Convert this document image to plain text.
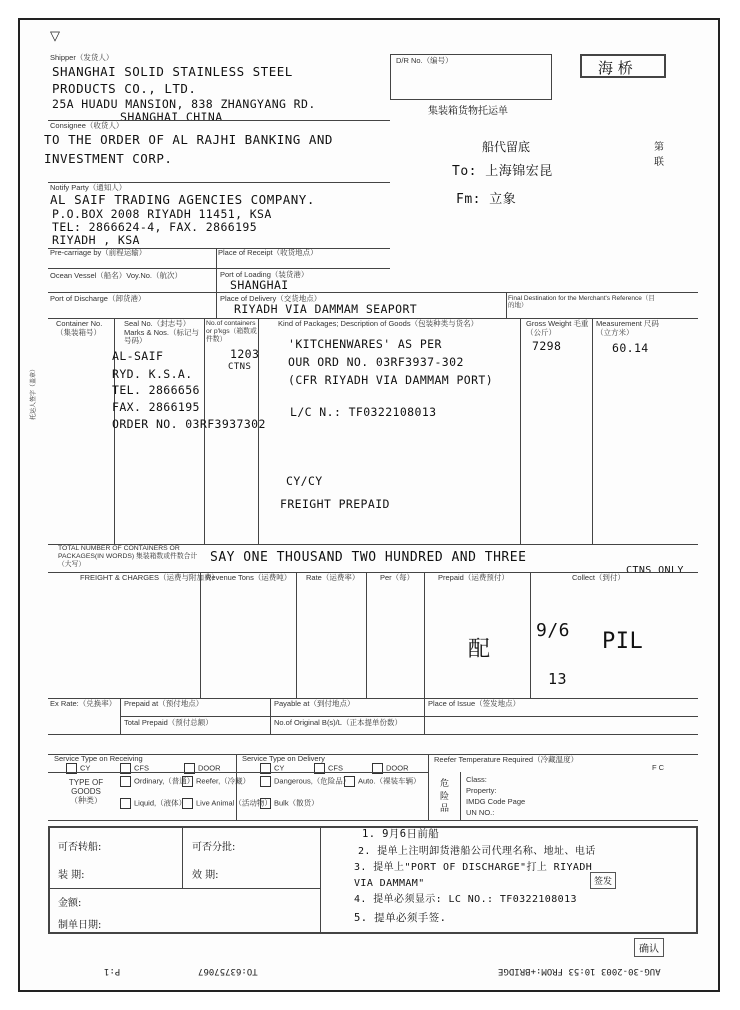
▽
Shipper（发货人）
SHANGHAI SOLID STAINLESS STEEL
PRODUCTS CO., LTD.
25A HUADU MANSION, 838 ZHANGYANG RD.
SHANGHAI CHINA
D/R No.（编号）	海 桥
集装箱货物托运单
船代留底
To: 上海锦宏昆
Fm: 立象
第 联
Consignee（收货人）
TO THE ORDER OF AL RAJHI BANKING AND
INVESTMENT CORP.
Notify Party（通知人）
AL SAIF TRADING AGENCIES COMPANY.
P.O.BOX 2008 RIYADH 11451, KSA
TEL: 2866624-4, FAX. 2866195
RIYADH , KSA
Pre-carriage by（前程运输）	Place of Receipt（收货地点）
Ocean Vessel（船名）Voy.No.（航次）	Port of Loading（装货港）
SHANGHAI
Port of Discharge（卸货港）	Place of Delivery（交货地点）
RIYADH VIA DAMMAM SEAPORT
Final Destination for the Merchant's Reference（目的地）
Container No.（集装箱号）
Seal No.（封志号）Marks & Nos.（标记与号码）
No.of containers or p'kgs（箱数或件数）
Kind of Packages; Description of Goods（包装种类与货名）	Gross Weight 毛重（公斤）
Measurement 尺码（立方米）
AL-SAIF
RYD. K.S.A.
TEL. 2866656
FAX. 2866195
ORDER NO. 03RF3937302
1203
CTNS
'KITCHENWARES' AS PER
OUR ORD NO. 03RF3937-302
(CFR RIYADH VIA DAMMAM PORT)
L/C N.: TF0322108013
CY/CY
FREIGHT PREPAID
7298	60.14
托运人签字（盖章）
TOTAL NUMBER OF CONTAINERS OR PACKAGES(IN WORDS) 集装箱数或件数合计（大写）	SAY ONE THOUSAND TWO HUNDRED AND THREE
CTNS ONLY
FREIGHT & CHARGES（运费与附加费）
Revenue Tons（运费吨） Rate（运费率）	Per（每）	Prepaid（运费预付）	Collect（到付）
配
9/6
13
PIL
Ex Rate:（兑换率） Prepaid at（预付地点）	Payable at（到付地点）	Place of Issue（签发地点）
Total Prepaid（预付总额）	No.of Original B(s)/L（正本提单份数）
Service Type on Receiving	Service Type on Delivery	Reefer Temperature Required（冷藏温度）
F C
CY	CFS	DOOR	CY	CFS	DOOR
TYPE OF GOODS（种类）
Ordinary,（普通） Reefer,（冷藏）	Dangerous,（危险品）	Auto.（裸装车辆）
Liquid,（液体）	Live Animal（活动物） Bulk（散货）
危险品
Class:
Property:
IMDG Code Page
UN NO.:
可否转船:	可否分批:
装 期:	效 期:
金额:
制单日期:
1. 9月6日前船
2. 提单上注明卸货港船公司代理名称、地址、电话
3. 提单上"PORT OF DISCHARGE"打上 RIYADH
VIA DAMMAM"
4. 提单必须显示: LC NO.: TF0322108013
5. 提单必须手签.
签发
确认
P:1	TO:63757067	AUG-30-2003 10:53 FROM:+BRIDGE
